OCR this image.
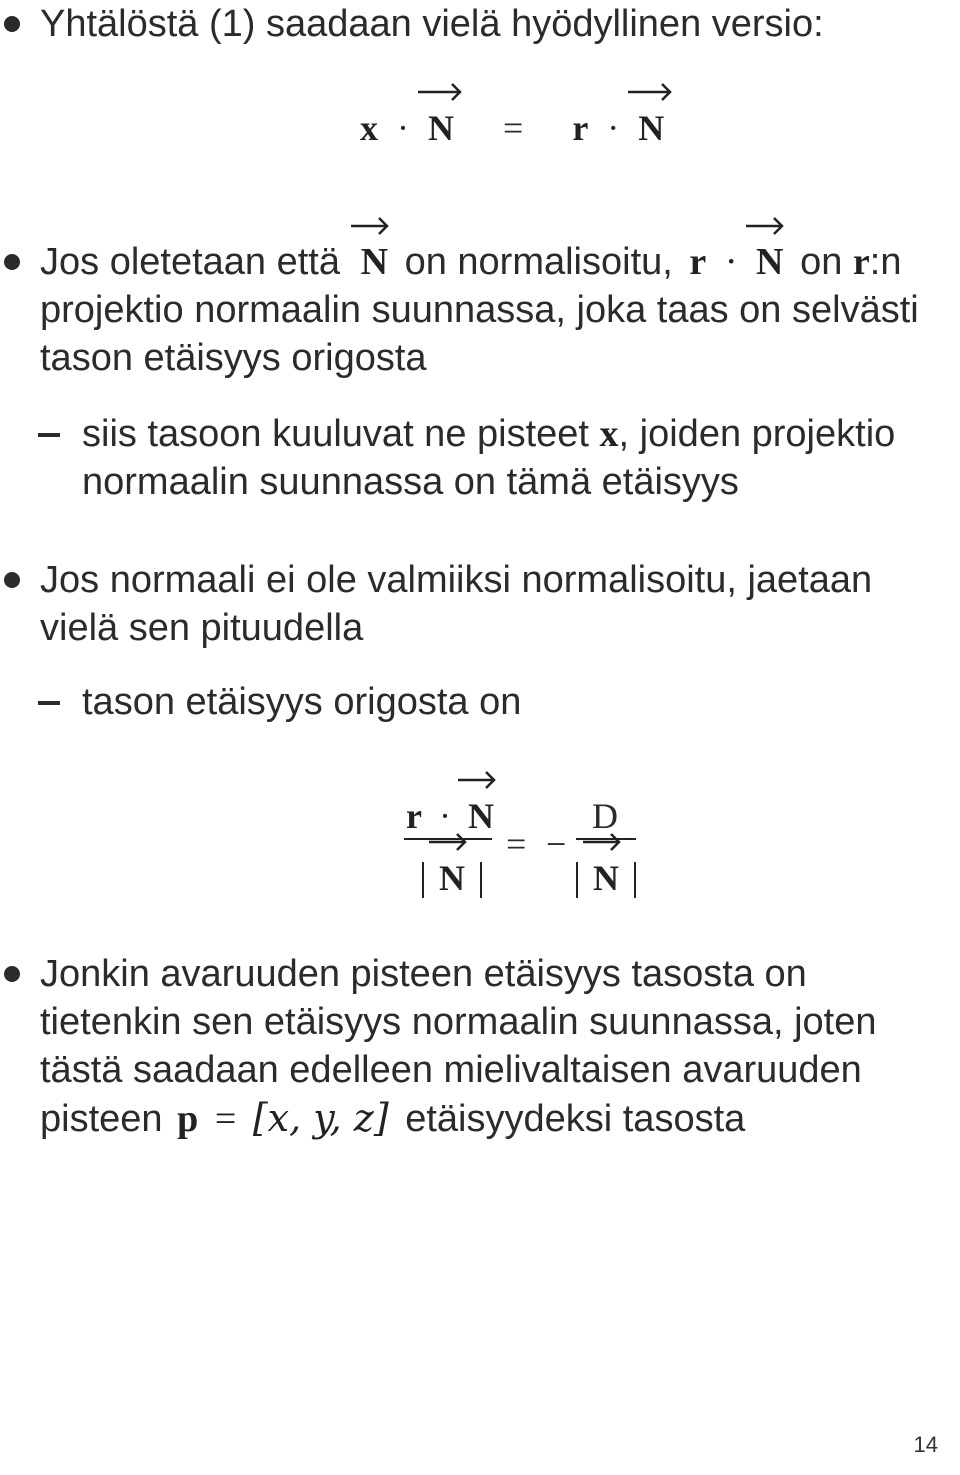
Yhtälöstä (1) saadaan vielä hyödyllinen versio:
x · N = r · N
Jos oletetaan että N on normalisoitu, r · N on r:n
projektio normaalin suunnassa, joka taas on selvästi
tason etäisyys origosta
siis tasoon kuuluvat ne pisteet x, joiden projektio
normaalin suunnassa on tämä etäisyys
Jos normaali ei ole valmiiksi normalisoitu, jaetaan
vielä sen pituudella
tason etäisyys origosta on
r · N

N
= −
D

N
Jonkin avaruuden pisteen etäisyys tasosta on
tietenkin sen etäisyys normaalin suunnassa, joten
tästä saadaan edelleen mielivaltaisen avaruuden
pisteen p = [x, y, z] etäisyydeksi tasosta
14
